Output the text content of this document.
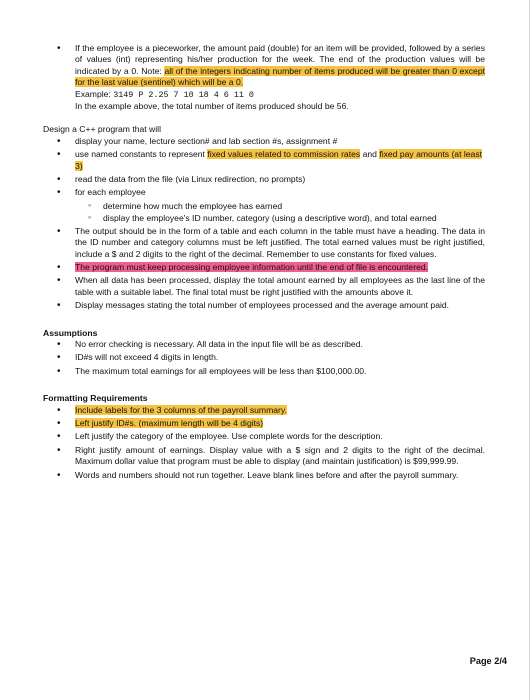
• If the employee is a pieceworker, the amount paid (double) for an item will be provided, followed by a series of values (int) representing his/her production for the week. The end of the production values will be indicated by a 0. Note: all of the integers indicating number of items produced will be greater than 0 except for the last value (sentinel) which will be a 0.
Example: 3149 P 2.25 7 10 18 4 6 11 0
In the example above, the total number of items produced should be 56.
Design a C++ program that will
• display your name, lecture section# and lab section #s, assignment #
• use named constants to represent fixed values related to commission rates and fixed pay amounts (at least 3)
• read the data from the file (via Linux redirection, no prompts)
• for each employee
◦ determine how much the employee has earned
◦ display the employee's ID number, category (using a descriptive word), and total earned
• The output should be in the form of a table and each column in the table must have a heading. The data in the ID number and category columns must be left justified. The total earned values must be right justified, include a $ and 2 digits to the right of the decimal. Remember to use constants for fixed values.
• The program must keep processing employee information until the end of file is encountered.
• When all data has been processed, display the total amount earned by all employees as the last line of the table with a suitable label. The final total must be right justified with the amounts above it.
• Display messages stating the total number of employees processed and the average amount paid.
Assumptions
• No error checking is necessary. All data in the input file will be as described.
• ID#s will not exceed 4 digits in length.
• The maximum total earnings for all employees will be less than $100,000.00.
Formatting Requirements
• Include labels for the 3 columns of the payroll summary.
• Left justify ID#s. (maximum length will be 4 digits)
• Left justify the category of the employee. Use complete words for the description.
• Right justify amount of earnings. Display value with a $ sign and 2 digits to the right of the decimal. Maximum dollar value that program must be able to display (and maintain justification) is $99,999.99.
• Words and numbers should not run together. Leave blank lines before and after the payroll summary.
Page 2/4
